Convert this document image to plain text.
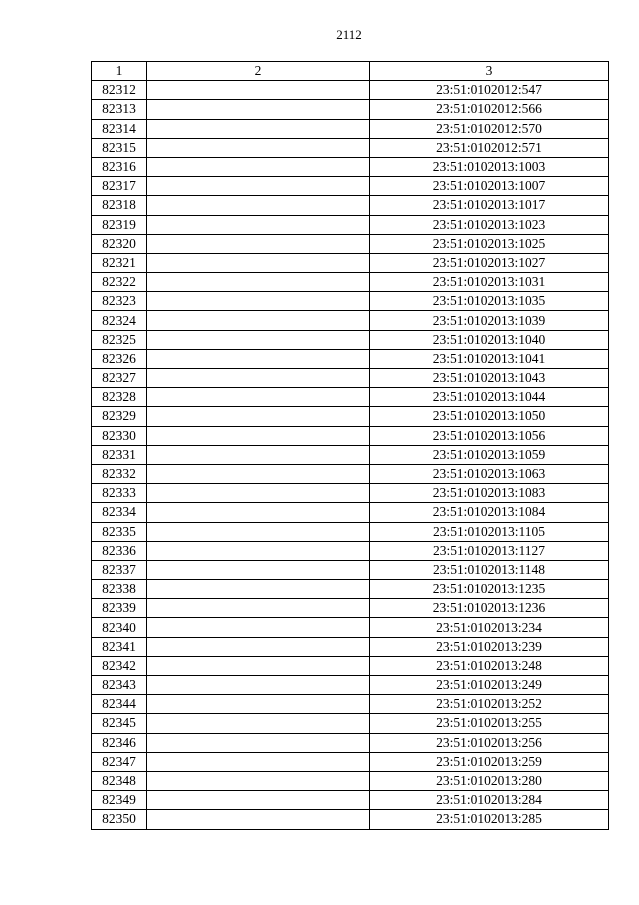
2112
1	2	3
82312		23:51:0102012:547
82313		23:51:0102012:566
82314		23:51:0102012:570
82315		23:51:0102012:571
82316		23:51:0102013:1003
82317		23:51:0102013:1007
82318		23:51:0102013:1017
82319		23:51:0102013:1023
82320		23:51:0102013:1025
82321		23:51:0102013:1027
82322		23:51:0102013:1031
82323		23:51:0102013:1035
82324		23:51:0102013:1039
82325		23:51:0102013:1040
82326		23:51:0102013:1041
82327		23:51:0102013:1043
82328		23:51:0102013:1044
82329		23:51:0102013:1050
82330		23:51:0102013:1056
82331		23:51:0102013:1059
82332		23:51:0102013:1063
82333		23:51:0102013:1083
82334		23:51:0102013:1084
82335		23:51:0102013:1105
82336		23:51:0102013:1127
82337		23:51:0102013:1148
82338		23:51:0102013:1235
82339		23:51:0102013:1236
82340		23:51:0102013:234
82341		23:51:0102013:239
82342		23:51:0102013:248
82343		23:51:0102013:249
82344		23:51:0102013:252
82345		23:51:0102013:255
82346		23:51:0102013:256
82347		23:51:0102013:259
82348		23:51:0102013:280
82349		23:51:0102013:284
82350		23:51:0102013:285
